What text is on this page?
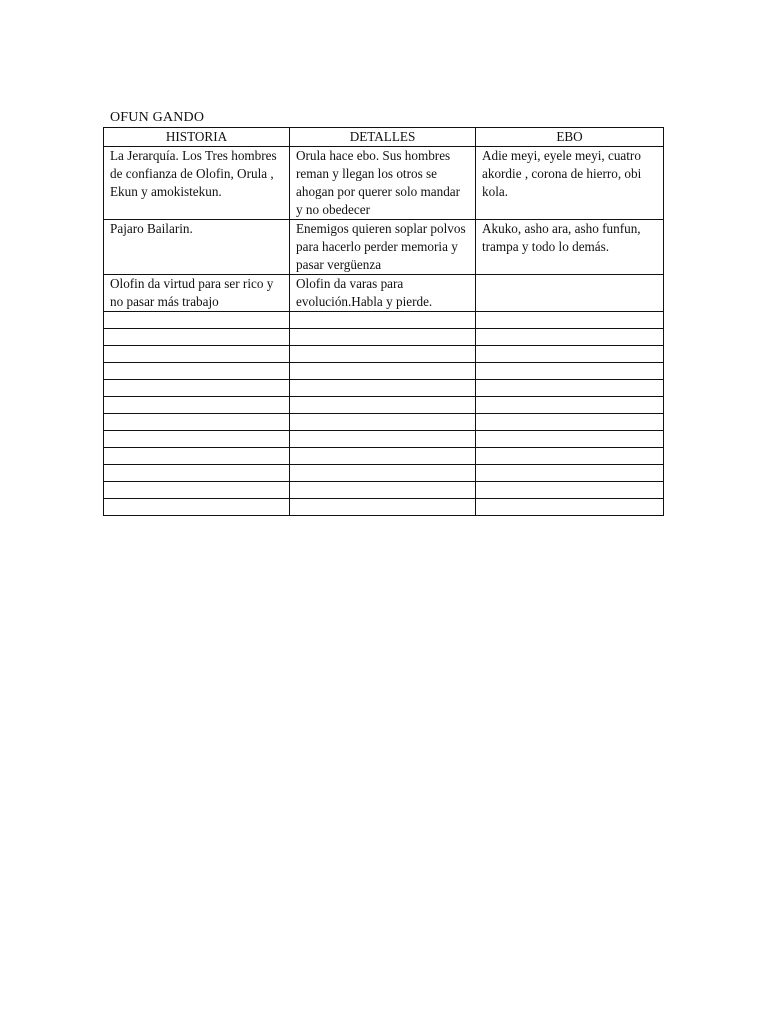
OFUN GANDO
HISTORIA	DETALLES	EBO
La Jerarquía. Los Tres hombres de confianza de Olofin, Orula , Ekun y amokistekun.	Orula hace ebo. Sus hombres reman y llegan los otros se ahogan por querer solo mandar y no obedecer	Adie meyi, eyele meyi, cuatro akordie , corona de hierro, obi kola.
Pajaro Bailarin.	Enemigos quieren soplar polvos para hacerlo perder memoria y pasar vergüenza	Akuko, asho ara, asho funfun, trampa y todo lo demás.
Olofin da virtud para ser rico y no pasar más trabajo	Olofin da varas para evolución.Habla y pierde.	
